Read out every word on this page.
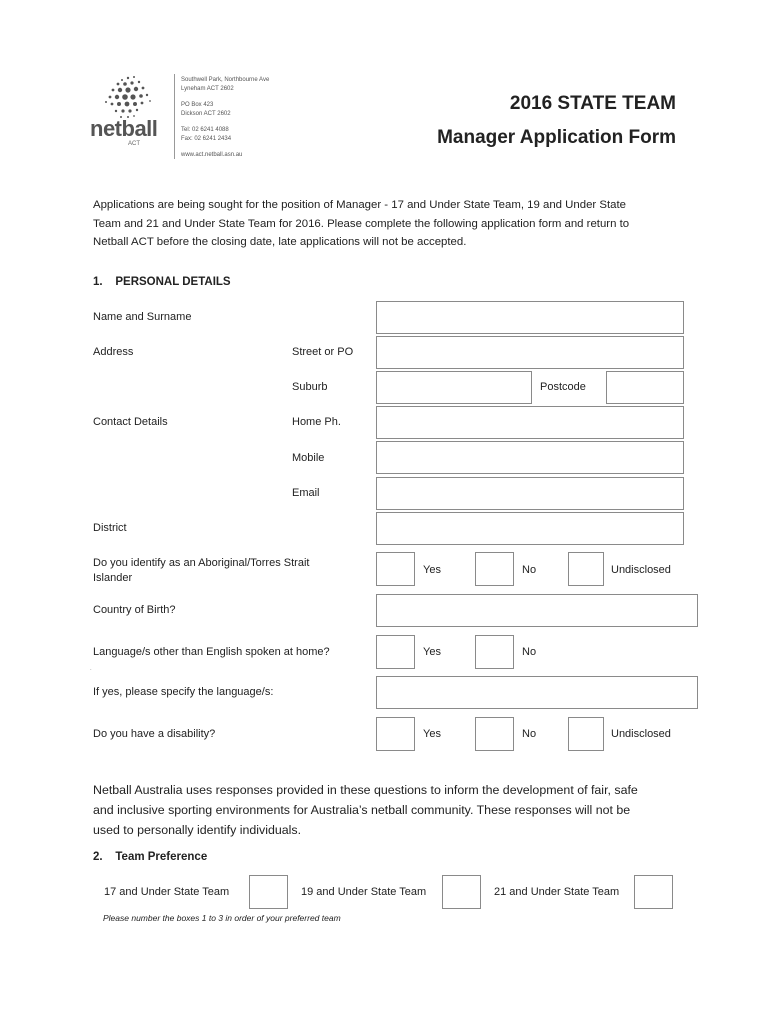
netball
ACT
Southwell Park, Northbourne Ave
Lyneham ACT 2602
PO Box 423
Dickson ACT 2602
Tel: 02 6241 4088
Fax: 02 6241 2434
www.act.netball.asn.au
2016 STATE TEAM
Manager Application Form
Applications are being sought for the position of Manager - 17 and Under State Team, 19 and Under State
Team and 21 and Under State Team for 2016. Please complete the following application form and return to
Netball ACT before the closing date, late applications will not be accepted.
1.    PERSONAL DETAILS
Name and Surname
Address	Street or PO
Suburb	Postcode
Contact Details	Home Ph.
Mobile
Email
District
Do you identify as an Aboriginal/Torres Strait
Islander
Yes	No	Undisclosed
Country of Birth?
Language/s other than English spoken at home?	Yes	No
.
If yes, please specify the language/s:
Do you have a disability?	Yes	No	Undisclosed
Netball Australia uses responses provided in these questions to inform the development of fair, safe
and inclusive sporting environments for Australia’s netball community. These responses will not be
used to personally identify individuals.
2.    Team Preference
17 and Under State Team	19 and Under State Team	21 and Under State Team
Please number the boxes 1 to 3 in order of your preferred team
